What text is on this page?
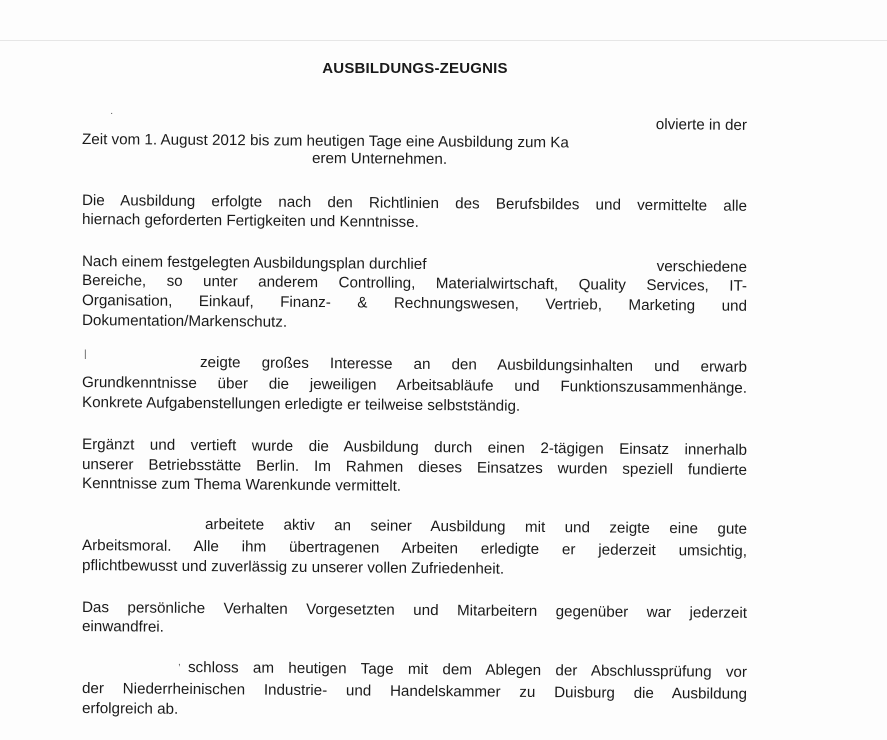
AUSBILDUNGS-ZEUGNIS
·
olvierte in der
Zeit vom 1. August 2012 bis zum heutigen Tage eine Ausbildung zum Ka
erem Unternehmen.
Die Ausbildung erfolgte nach den Richtlinien des Berufsbildes und vermittelte alle
hiernach geforderten Fertigkeiten und Kenntnisse.
Nach einem festgelegten Ausbildungsplan durchlief	verschiedene
Bereiche, so unter anderem Controlling, Materialwirtschaft, Quality Services, IT-
Organisation, Einkauf, Finanz- & Rechnungswesen, Vertrieb, Marketing und
Dokumentation/Markenschutz.
|	zeigte großes Interesse an den Ausbildungsinhalten und erwarb
Grundkenntnisse über die jeweiligen Arbeitsabläufe und Funktionszusammenhänge.
Konkrete Aufgabenstellungen erledigte er teilweise selbstständig.
Ergänzt und vertieft wurde die Ausbildung durch einen 2-tägigen Einsatz innerhalb
unserer Betriebsstätte Berlin. Im Rahmen dieses Einsatzes wurden speziell fundierte
Kenntnisse zum Thema Warenkunde vermittelt.
arbeitete aktiv an seiner Ausbildung mit und zeigte eine gute
Arbeitsmoral. Alle ihm übertragenen Arbeiten erledigte er jederzeit umsichtig,
pflichtbewusst und zuverlässig zu unserer vollen Zufriedenheit.
Das persönliche Verhalten Vorgesetzten und Mitarbeitern gegenüber war jederzeit
einwandfrei.
, schloss am heutigen Tage mit dem Ablegen der Abschlussprüfung vor
der Niederrheinischen Industrie- und Handelskammer zu Duisburg die Ausbildung
erfolgreich ab.
